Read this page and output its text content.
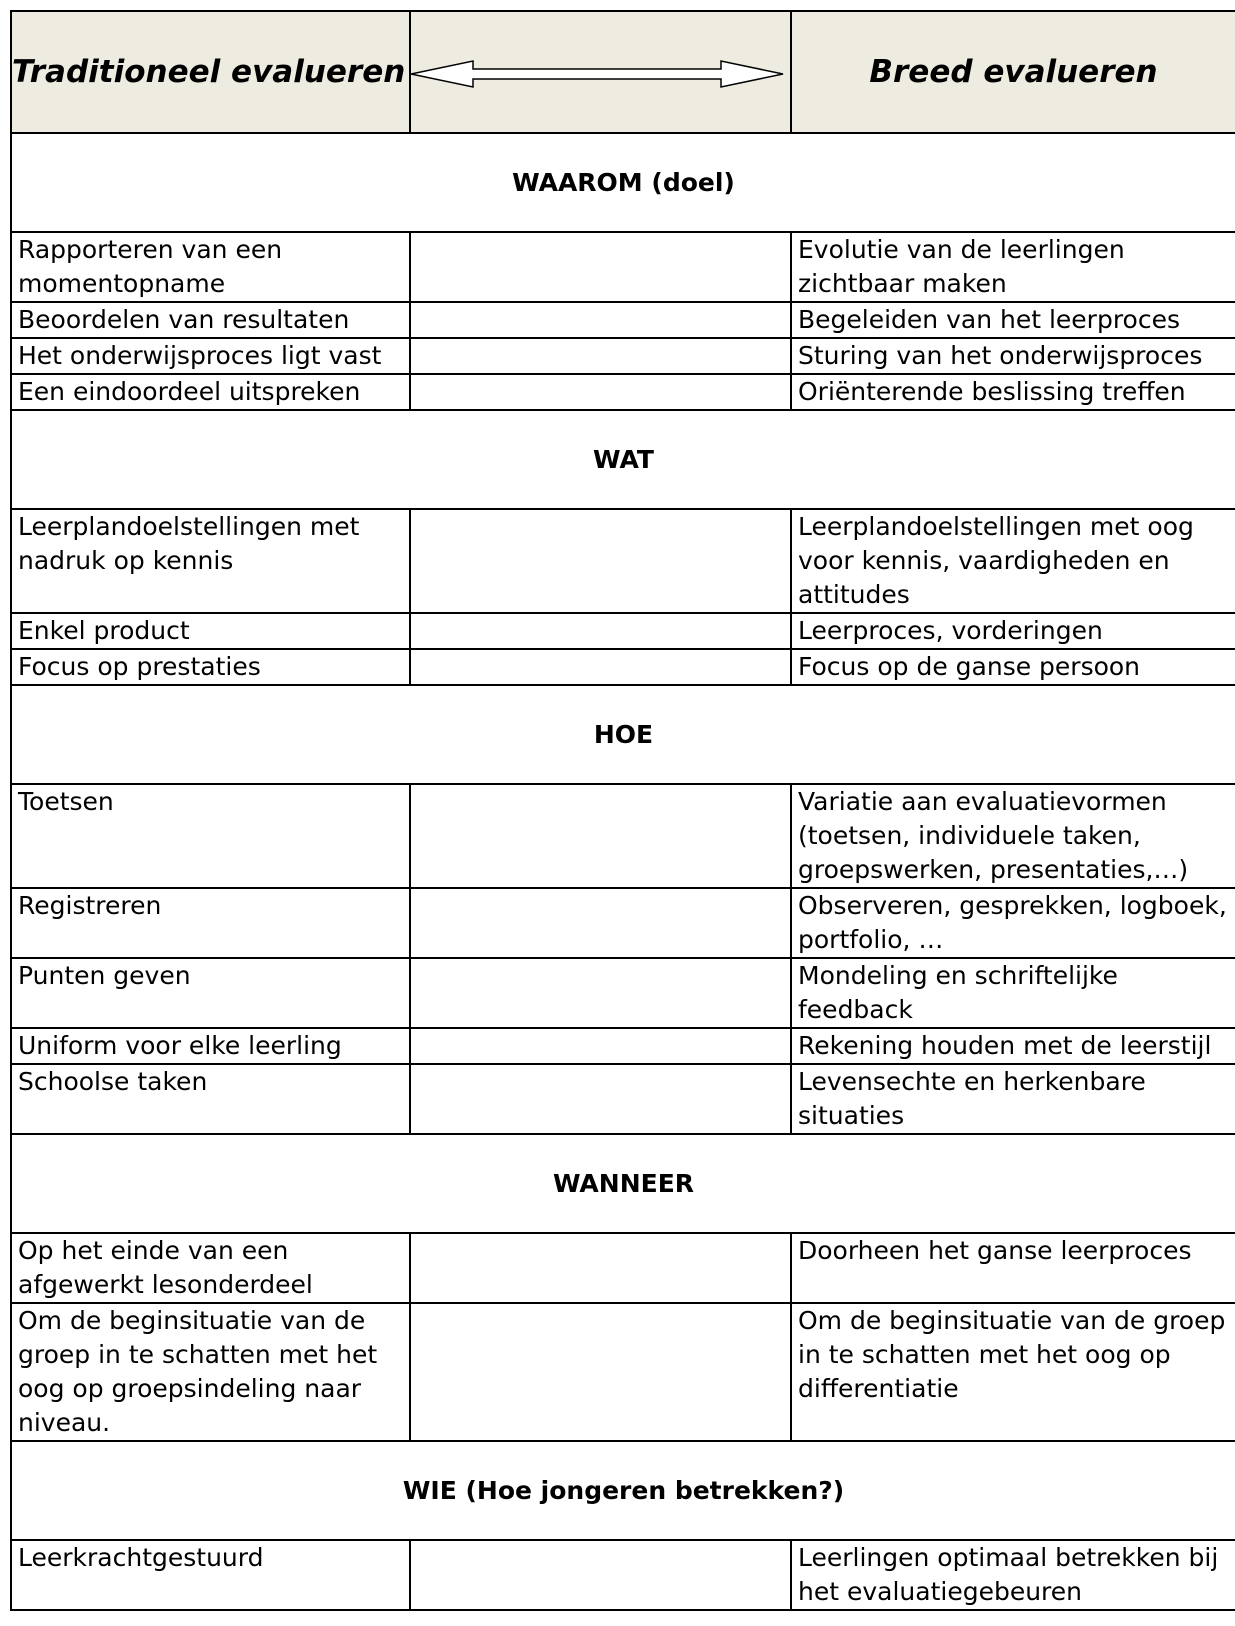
Traditioneel evalueren		Breed evalueren
WAAROM (doel)		
Rapporteren van een momentopname		Evolutie van de leerlingen zichtbaar maken
Beoordelen van resultaten		Begeleiden van het leerproces
Het onderwijsproces ligt vast		Sturing van het onderwijsproces
Een eindoordeel uitspreken		Oriënterende beslissing treffen
WAT		
Leerplandoelstellingen met nadruk op kennis		Leerplandoelstellingen met oog voor kennis, vaardigheden en attitudes
Enkel product		Leerproces, vorderingen
Focus op prestaties		Focus op de ganse persoon
HOE		
Toetsen		Variatie aan evaluatievormen (toetsen, individuele taken, groepswerken, presentaties,…)
Registreren		Observeren, gesprekken, logboek, portfolio, …
Punten geven		Mondeling en schriftelijke feedback
Uniform voor elke leerling		Rekening houden met de leerstijl
Schoolse taken		Levensechte en herkenbare situaties
WANNEER		
Op het einde van een afgewerkt lesonderdeel		Doorheen het ganse leerproces
Om de beginsituatie van de groep in te schatten met het oog op groepsindeling naar niveau.		Om de beginsituatie van de groep in te schatten met het oog op differentiatie
WIE (Hoe jongeren betrekken?)		
Leerkrachtgestuurd		Leerlingen optimaal betrekken bij het evaluatiegebeuren
